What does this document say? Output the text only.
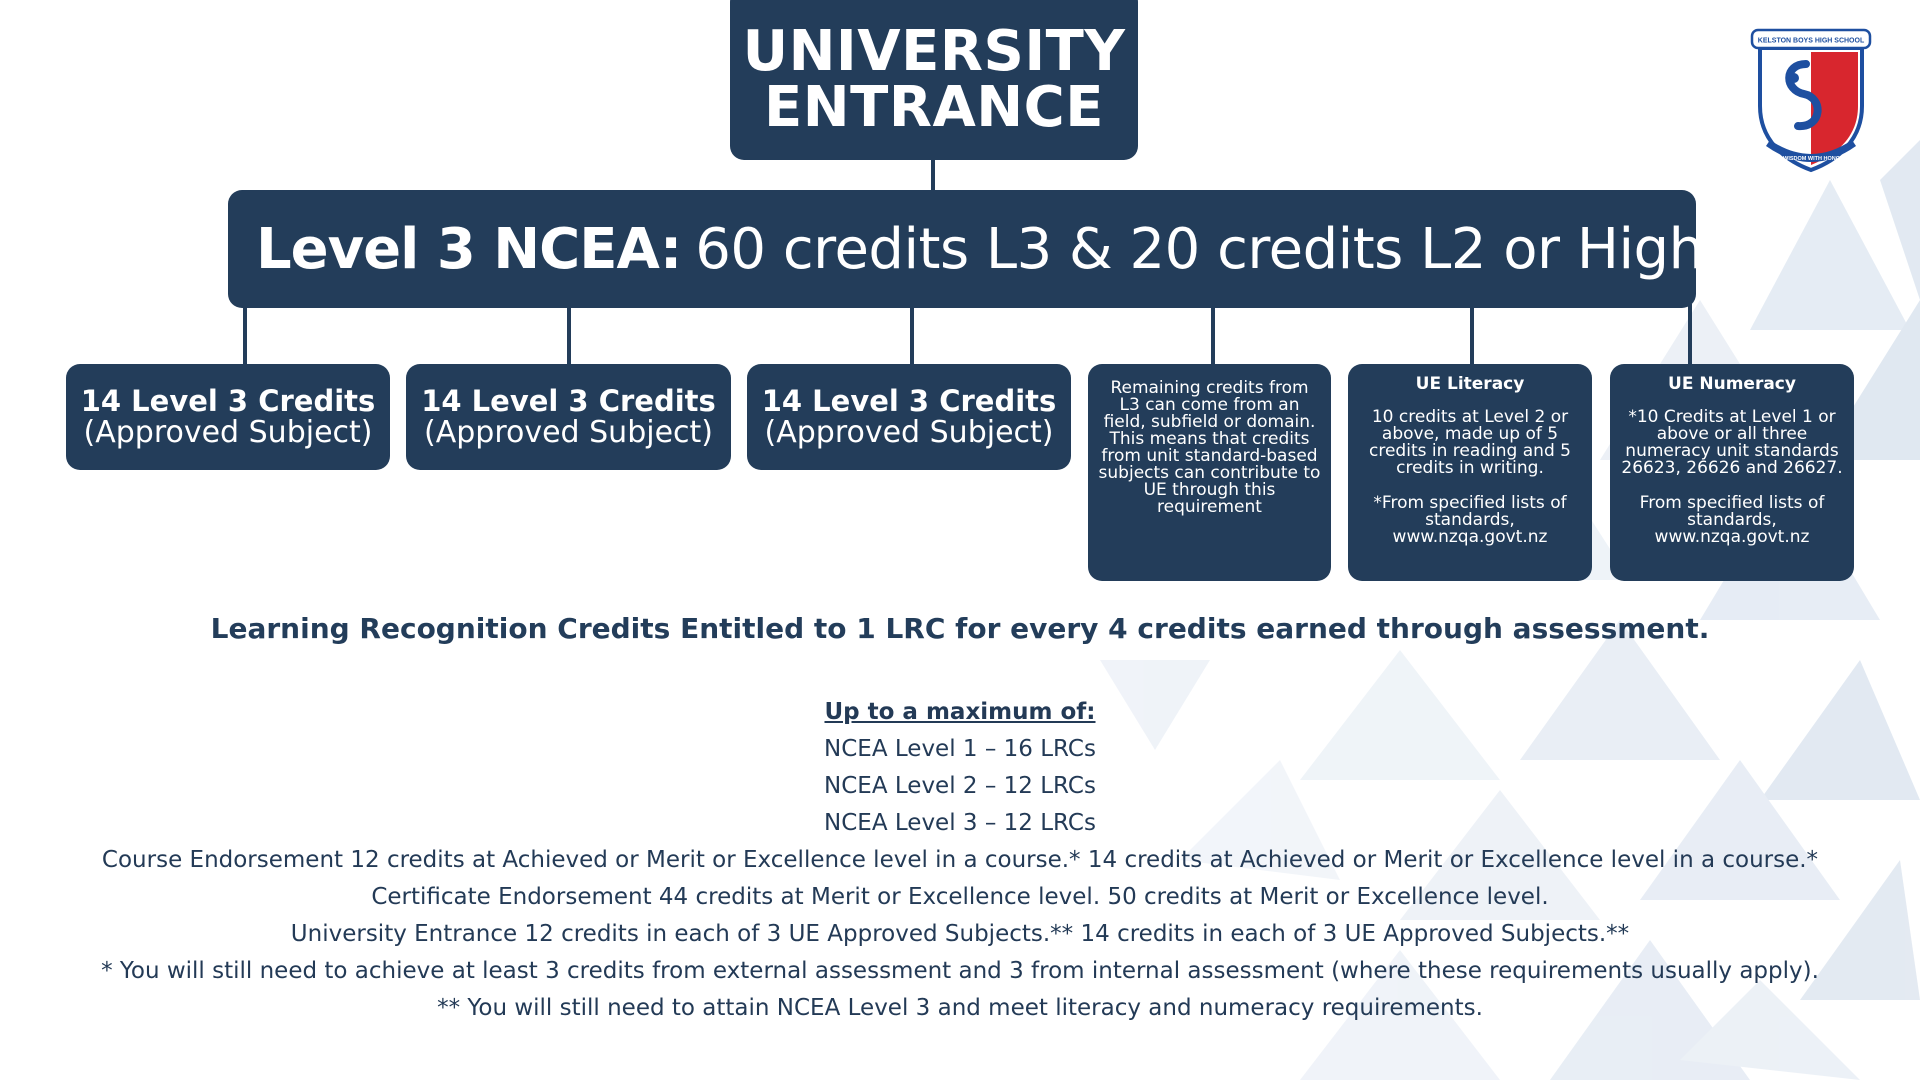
UNIVERSITY
ENTRANCE
Level 3 NCEA: 60 credits L3 & 20 credits L2 or Higher
14 Level 3 Credits
(Approved Subject)
14 Level 3 Credits
(Approved Subject)
14 Level 3 Credits
(Approved Subject)

Remaining credits from L3 can come from an field, subfield or domain. This means that credits from unit standard-based subjects can contribute to UE through this requirement

UE Literacy

10 credits at Level 2 or above, made up of 5 credits in reading and 5 credits in writing.

*From specified lists of standards, www.nzqa.govt.nz

UE Numeracy

*10 Credits at Level 1 or above or all three numeracy unit standards 26623, 26626 and 26627.

From specified lists of standards, www.nzqa.govt.nz

Learning Recognition Credits Entitled to 1 LRC for every 4 credits earned through assessment.
Up to a maximum of:
NCEA Level 1 – 16 LRCs
NCEA Level 2 – 12 LRCs
NCEA Level 3 – 12 LRCs
Course Endorsement 12 credits at Achieved or Merit or Excellence level in a course.* 14 credits at Achieved or Merit or Excellence level in a course.*
Certificate Endorsement 44 credits at Merit or Excellence level. 50 credits at Merit or Excellence level.
University Entrance 12 credits in each of 3 UE Approved Subjects.** 14 credits in each of 3 UE Approved Subjects.**
* You will still need to achieve at least 3 credits from external assessment and 3 from internal assessment (where these requirements usually apply).
** You will still need to attain NCEA Level 3 and meet literacy and numeracy requirements.
KELSTON BOYS HIGH SCHOOL
TO WISDOM WITH HONOUR
